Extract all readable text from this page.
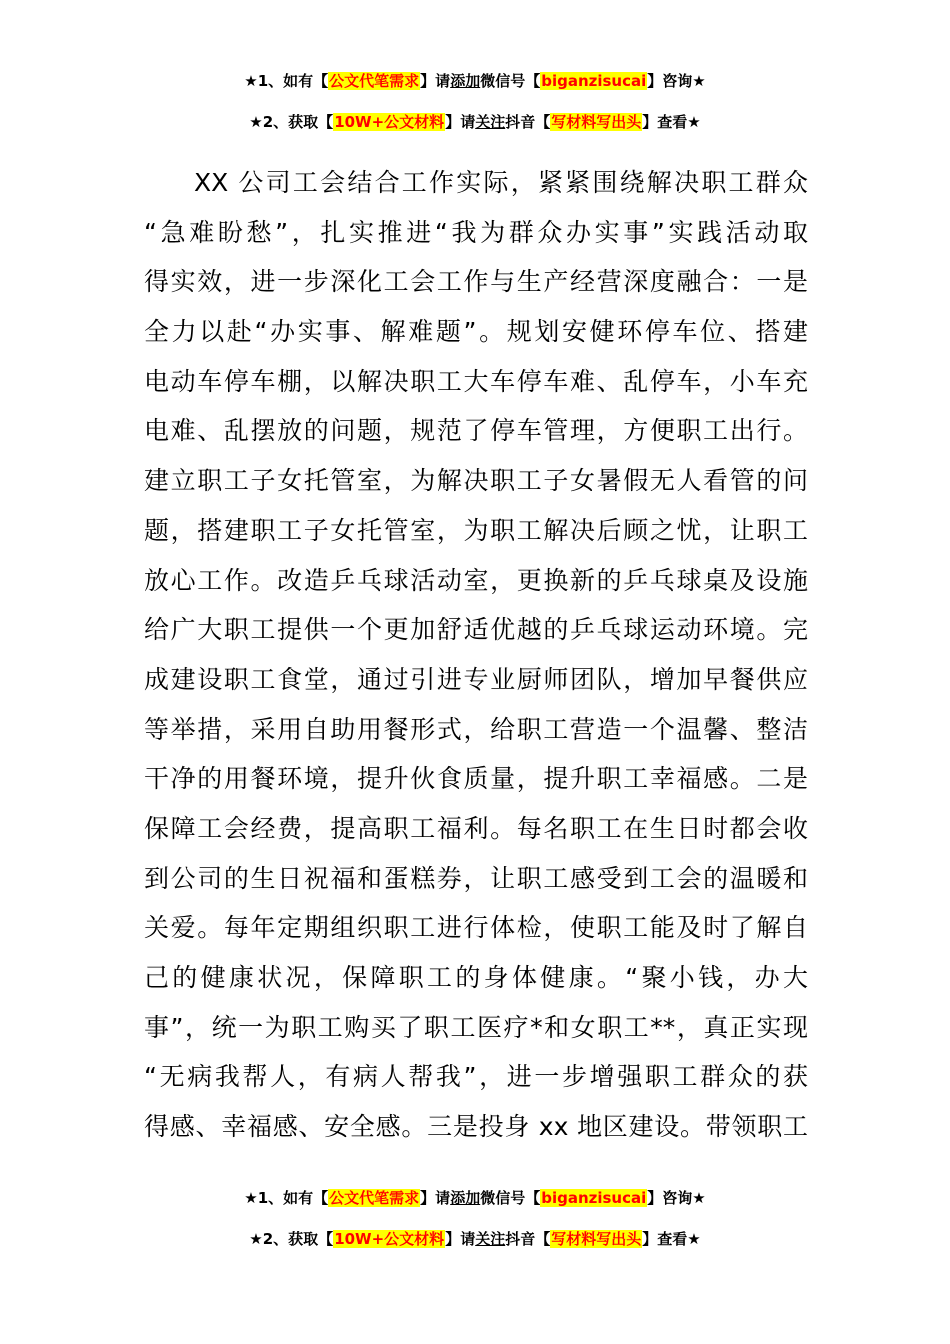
★1、如有【公文代笔需求】请添加微信号【biganzisucai】咨询★
★2、获取【10W+公文材料】请关注抖音【写材料写出头】查看★
XX 公司工会结合工作实际，紧紧围绕解决职工群众
“急难盼愁”，扎实推进“我为群众办实事”实践活动取
得实效，进一步深化工会工作与生产经营深度融合：一是
全力以赴“办实事、解难题”。规划安健环停车位、搭建
电动车停车棚，以解决职工大车停车难、乱停车，小车充
电难、乱摆放的问题，规范了停车管理，方便职工出行。
建立职工子女托管室，为解决职工子女暑假无人看管的问
题，搭建职工子女托管室，为职工解决后顾之忧，让职工
放心工作。改造乒乓球活动室，更换新的乒乓球桌及设施
给广大职工提供一个更加舒适优越的乒乓球运动环境。完
成建设职工食堂，通过引进专业厨师团队，增加早餐供应
等举措，采用自助用餐形式，给职工营造一个温馨、整洁
干净的用餐环境，提升伙食质量，提升职工幸福感。二是
保障工会经费，提高职工福利。每名职工在生日时都会收
到公司的生日祝福和蛋糕券，让职工感受到工会的温暖和
关爱。每年定期组织职工进行体检，使职工能及时了解自
己的健康状况，保障职工的身体健康。“聚小钱，办大
事”，统一为职工购买了职工医疗*和女职工**，真正实现
“无病我帮人，有病人帮我”，进一步增强职工群众的获
得感、幸福感、安全感。三是投身 xx 地区建设。带领职工
★1、如有【公文代笔需求】请添加微信号【biganzisucai】咨询★
★2、获取【10W+公文材料】请关注抖音【写材料写出头】查看★
